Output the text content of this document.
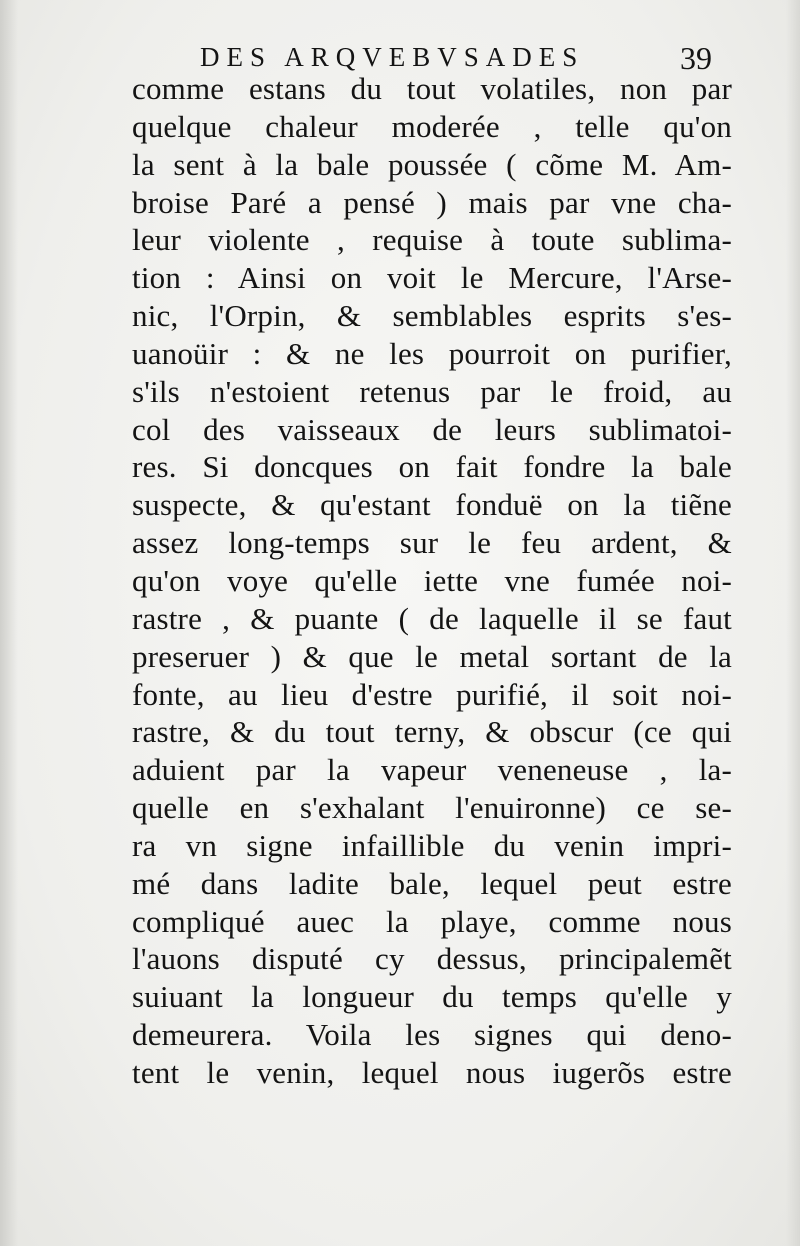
DES ARQVEBVSADES	39
comme estans du tout volatiles, non par
quelque chaleur moderée , telle qu'on
la sent à la bale poussée ( cõme M. Am-
broise Paré a pensé ) mais par vne cha-
leur violente , requise à toute sublima-
tion : Ainsi on voit le Mercure, l'Arse-
nic, l'Orpin, & semblables esprits s'es-
uanoüir : & ne les pourroit on purifier,
s'ils n'estoient retenus par le froid, au
col des vaisseaux de leurs sublimatoi-
res. Si doncques on fait fondre la bale
suspecte, & qu'estant fonduë on la tiẽne
assez long-temps sur le feu ardent, &
qu'on voye qu'elle iette vne fumée noi-
rastre , & puante ( de laquelle il se faut
preseruer ) & que le metal sortant de la
fonte, au lieu d'estre purifié, il soit noi-
rastre, & du tout terny, & obscur (ce qui
aduient par la vapeur veneneuse , la-
quelle en s'exhalant l'enuironne) ce se-
ra vn signe infaillible du venin impri-
mé dans ladite bale, lequel peut estre
compliqué auec la playe, comme nous
l'auons disputé cy dessus, principalemẽt
suiuant la longueur du temps qu'elle y
demeurera. Voila les signes qui deno-
tent le venin, lequel nous iugerõs estre
